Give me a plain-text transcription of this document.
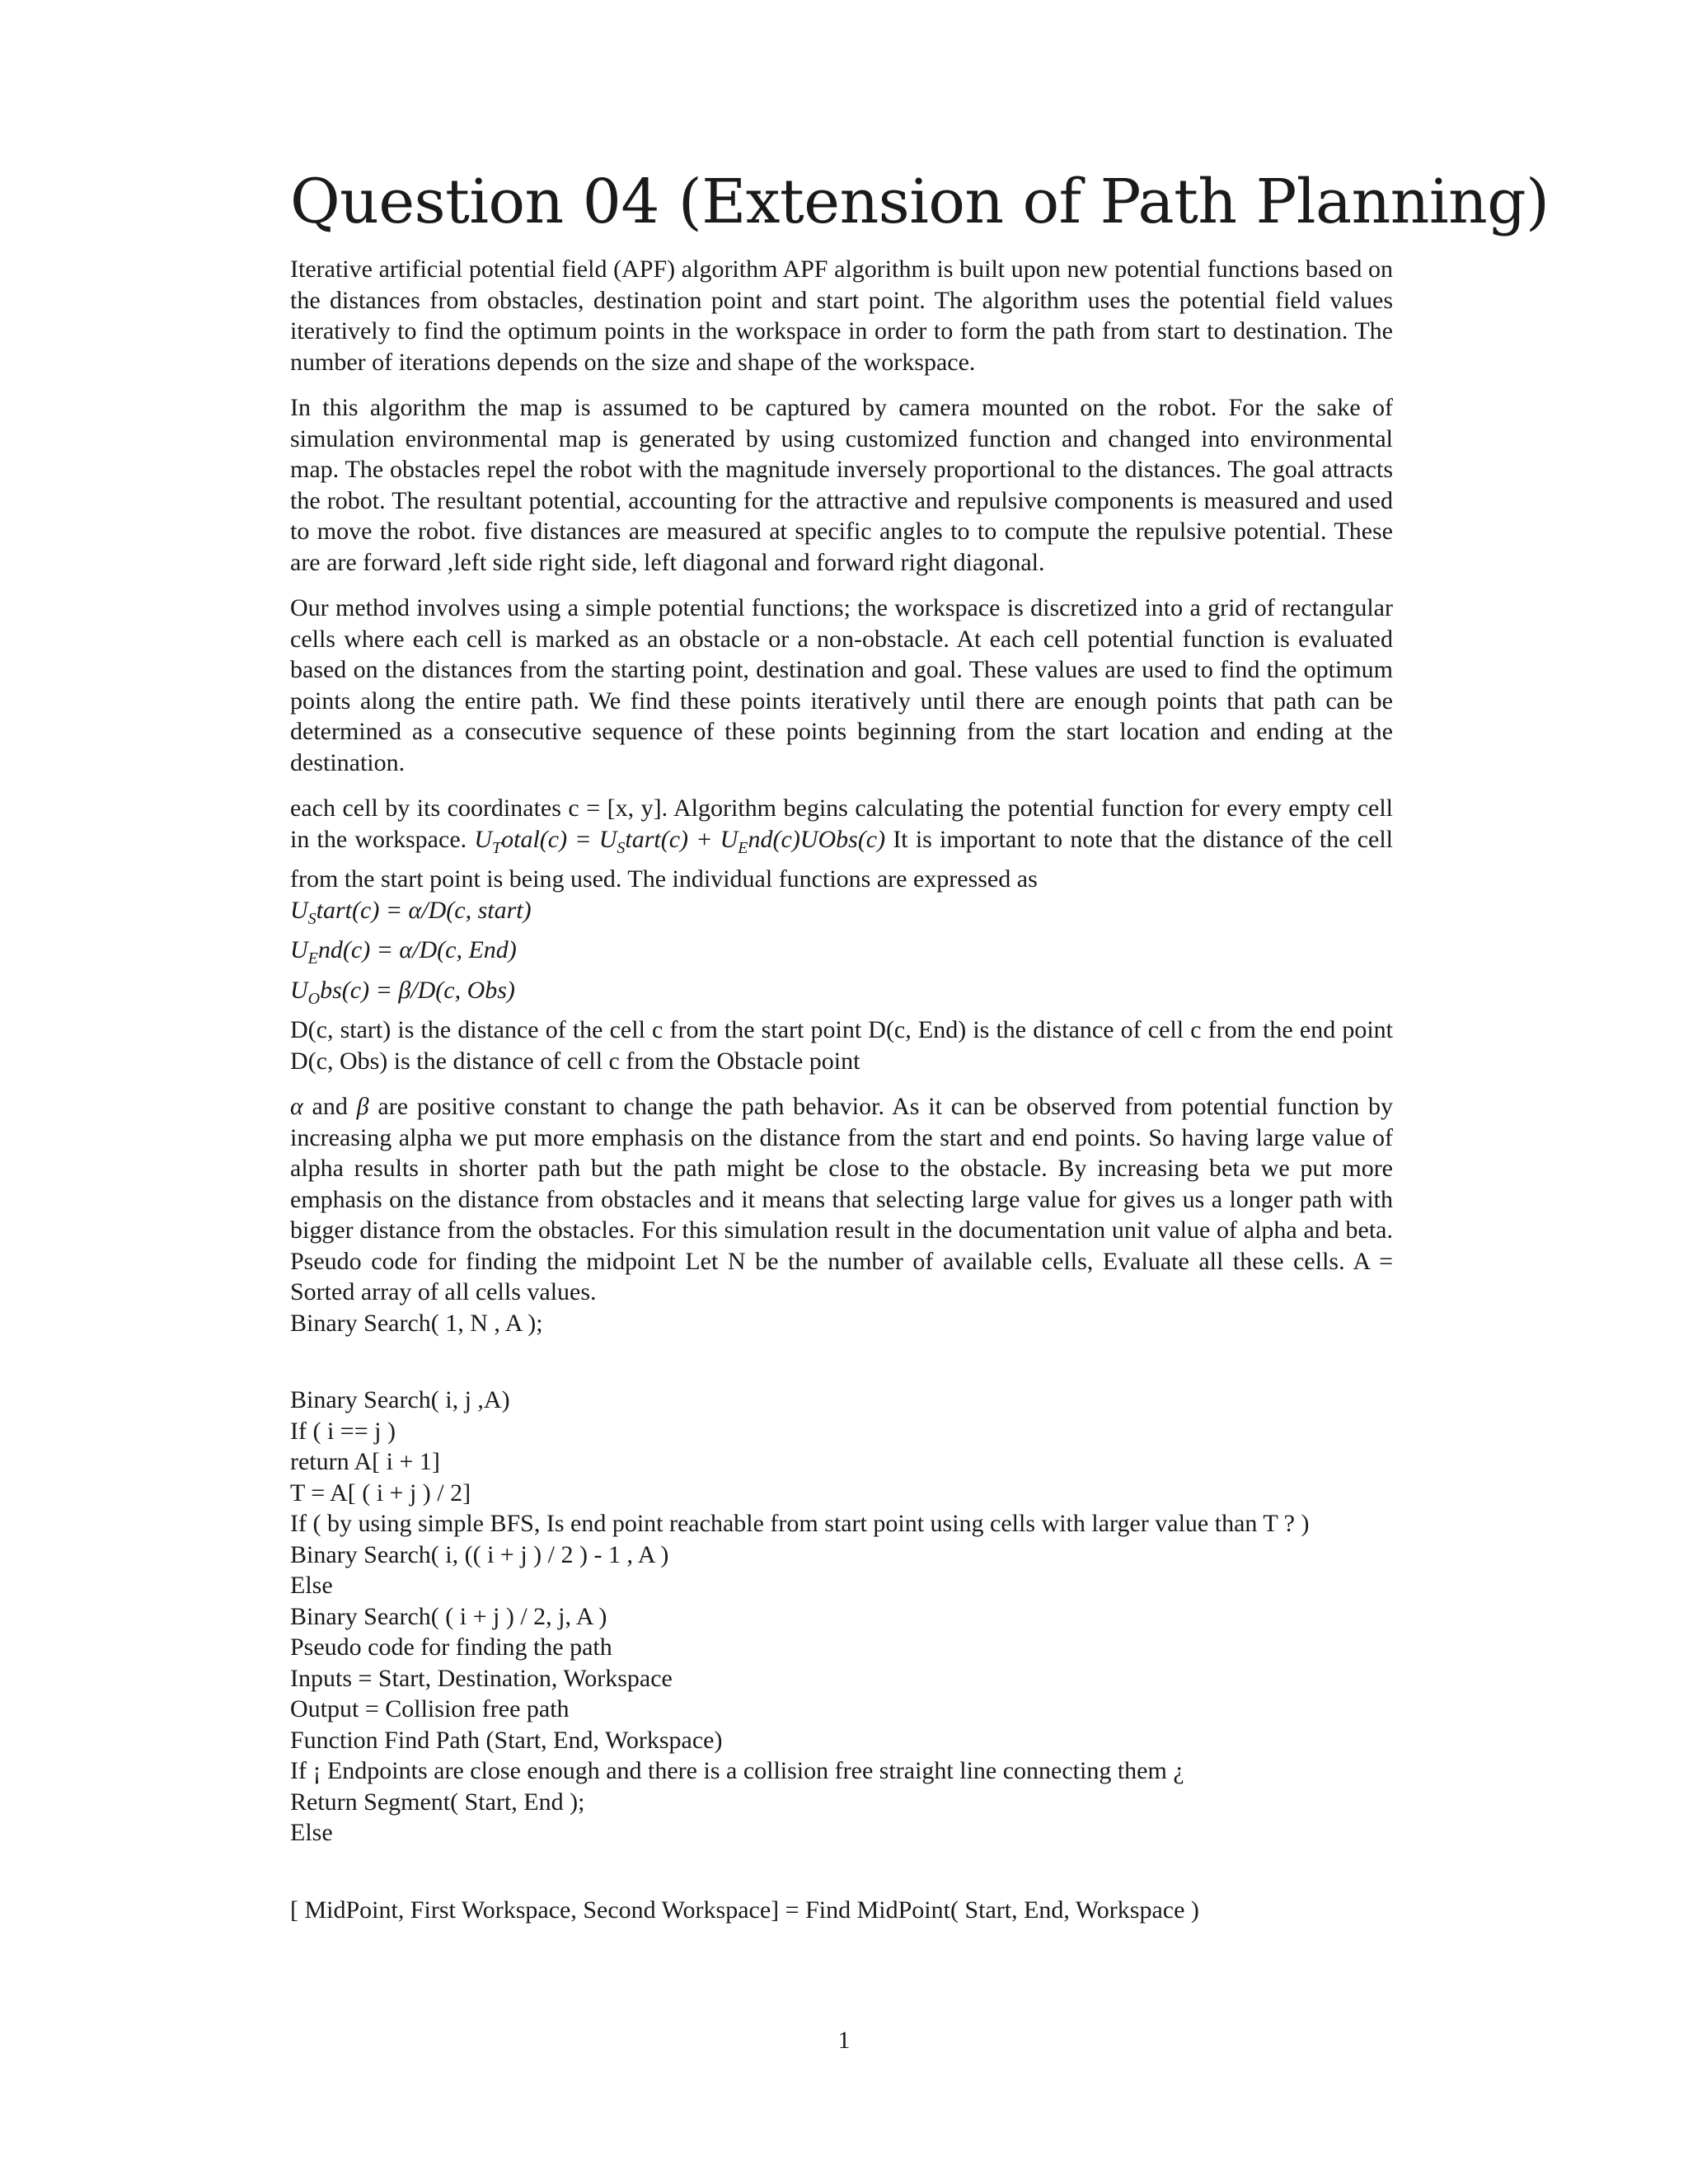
Question 04 (Extension of Path Planning)

Iterative artificial potential field (APF) algorithm APF algorithm is built upon new potential functions based on the distances from obstacles, destination point and start point. The algorithm uses the potential field values iteratively to find the optimum points in the workspace in order to form the path from start to destination. The number of iterations depends on the size and shape of the workspace.

In this algorithm the map is assumed to be captured by camera mounted on the robot. For the sake of simulation environmental map is generated by using customized function and changed into environmental map. The obstacles repel the robot with the magnitude inversely proportional to the distances. The goal attracts the robot. The resultant potential, accounting for the attractive and repulsive components is measured and used to move the robot. five distances are measured at specific angles to to compute the repulsive potential. These are are forward ,left side right side, left diagonal and forward right diagonal.

Our method involves using a simple potential functions; the workspace is discretized into a grid of rectangular cells where each cell is marked as an obstacle or a non-obstacle. At each cell potential function is evaluated based on the distances from the starting point, destination and goal. These values are used to find the optimum points along the entire path. We find these points iteratively until there are enough points that path can be determined as a consecutive sequence of these points beginning from the start location and ending at the destination.

each cell by its coordinates c = [x, y]. Algorithm begins calculating the potential function for every empty cell in the workspace. $U_Total(c)$ = $U_Start(c)$ + $U_End(c)UObs(c)$ It is important to note that the distance of the cell from the start point is being used. The individual functions are expressed as

$U_Start(c) = \alpha/D(c$, start)
$U_End(c) = \alpha/D(c$, End)
$U_Obs(c) = \beta/D(c$, Obs)

D(c, start) is the distance of the cell c from the start point D(c, End) is the distance of cell c from the end point D(c, Obs) is the distance of cell c from the Obstacle point

α and β are positive constant to change the path behavior. As it can be observed from potential function by increasing alpha we put more emphasis on the distance from the start and end points. So having large value of alpha results in shorter path but the path might be close to the obstacle. By increasing beta we put more emphasis on the distance from obstacles and it means that selecting large value for gives us a longer path with bigger distance from the obstacles. For this simulation result in the documentation unit value of alpha and beta. Pseudo code for finding the midpoint Let N be the number of available cells, Evaluate all these cells. A = Sorted array of all cells values.

Binary Search( 1, N , A );
Binary Search( i, j ,A)
If ( i == j )
return A[ i + 1]
T = A[ ( i + j ) / 2]
If ( by using simple BFS, Is end point reachable from start point using cells with larger value than T ? )
Binary Search( i, (( i + j ) / 2 ) - 1 , A )
Else
Binary Search( ( i + j ) / 2, j, A )
Pseudo code for finding the path
Inputs = Start, Destination, Workspace
Output = Collision free path
Function Find Path (Start, End, Workspace)
If ¡ Endpoints are close enough and there is a collision free straight line connecting them ¿
Return Segment( Start, End );
Else
[ MidPoint, First Workspace, Second Workspace] = Find MidPoint( Start, End, Workspace )
1
